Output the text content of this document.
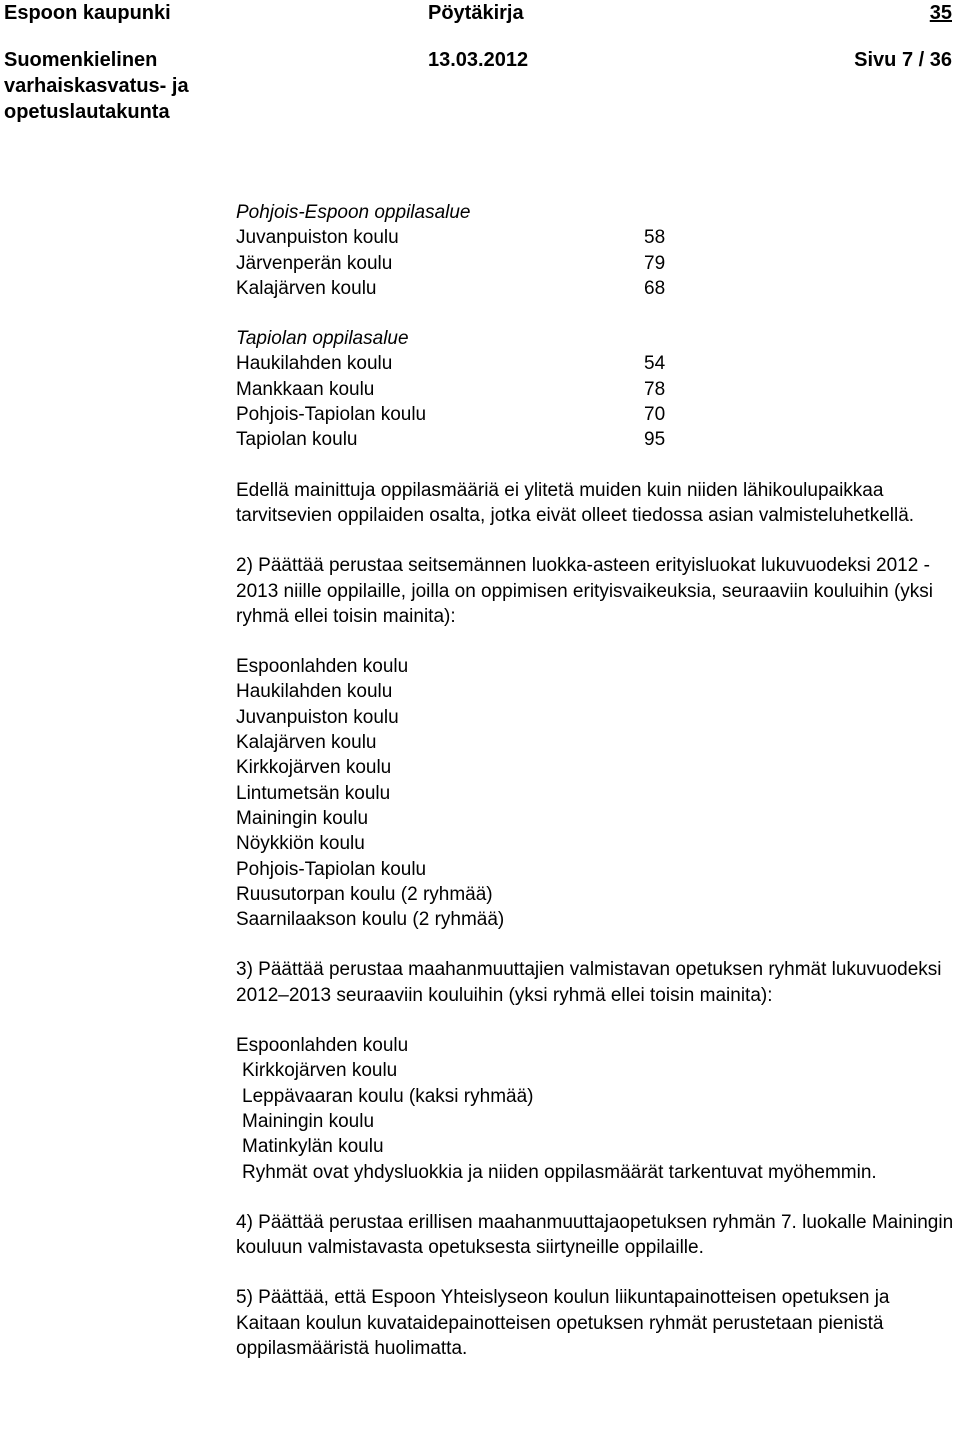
Espoon kaupunki	Pöytäkirja	35
Suomenkielinen varhaiskasvatus- ja opetuslautakunta
13.03.2012	Sivu 7 / 36
Pohjois-Espoon oppilasalue
Juvanpuiston koulu	58
Järvenperän koulu	79
Kalajärven koulu	68
Tapiolan oppilasalue
Haukilahden koulu	54
Mankkaan koulu	78
Pohjois-Tapiolan koulu	70
Tapiolan koulu	95

Edellä mainittuja oppilasmääriä ei ylitetä muiden kuin niiden lähikoulupaikkaa tarvitsevien oppilaiden osalta, jotka eivät olleet tiedossa asian valmisteluhetkellä.

2) Päättää perustaa seitsemännen luokka-asteen erityisluokat lukuvuodeksi 2012 - 2013 niille oppilaille, joilla on oppimisen erityisvaikeuksia, seuraaviin kouluihin (yksi ryhmä ellei toisin mainita):

Espoonlahden koulu
Haukilahden koulu
Juvanpuiston koulu
Kalajärven koulu
Kirkkojärven koulu
Lintumetsän koulu
Mainingin koulu
Nöykkiön koulu
Pohjois-Tapiolan koulu
Ruusutorpan koulu (2 ryhmää)
Saarnilaakson koulu (2 ryhmää)

3) Päättää perustaa maahanmuuttajien valmistavan opetuksen ryhmät lukuvuodeksi 2012–2013 seuraaviin kouluihin (yksi ryhmä ellei toisin mainita):

Espoonlahden koulu
Kirkkojärven koulu
Leppävaaran koulu (kaksi ryhmää)
Mainingin koulu
Matinkylän koulu
Ryhmät ovat yhdysluokkia ja niiden oppilasmäärät tarkentuvat myöhemmin.

4) Päättää perustaa erillisen maahanmuuttajaopetuksen ryhmän 7. luokalle Mainingin kouluun valmistavasta opetuksesta siirtyneille oppilaille.

5) Päättää, että Espoon Yhteislyseon koulun liikuntapainotteisen opetuksen ja Kaitaan koulun kuvataidepainotteisen opetuksen ryhmät perustetaan pienistä oppilasmääristä huolimatta.
